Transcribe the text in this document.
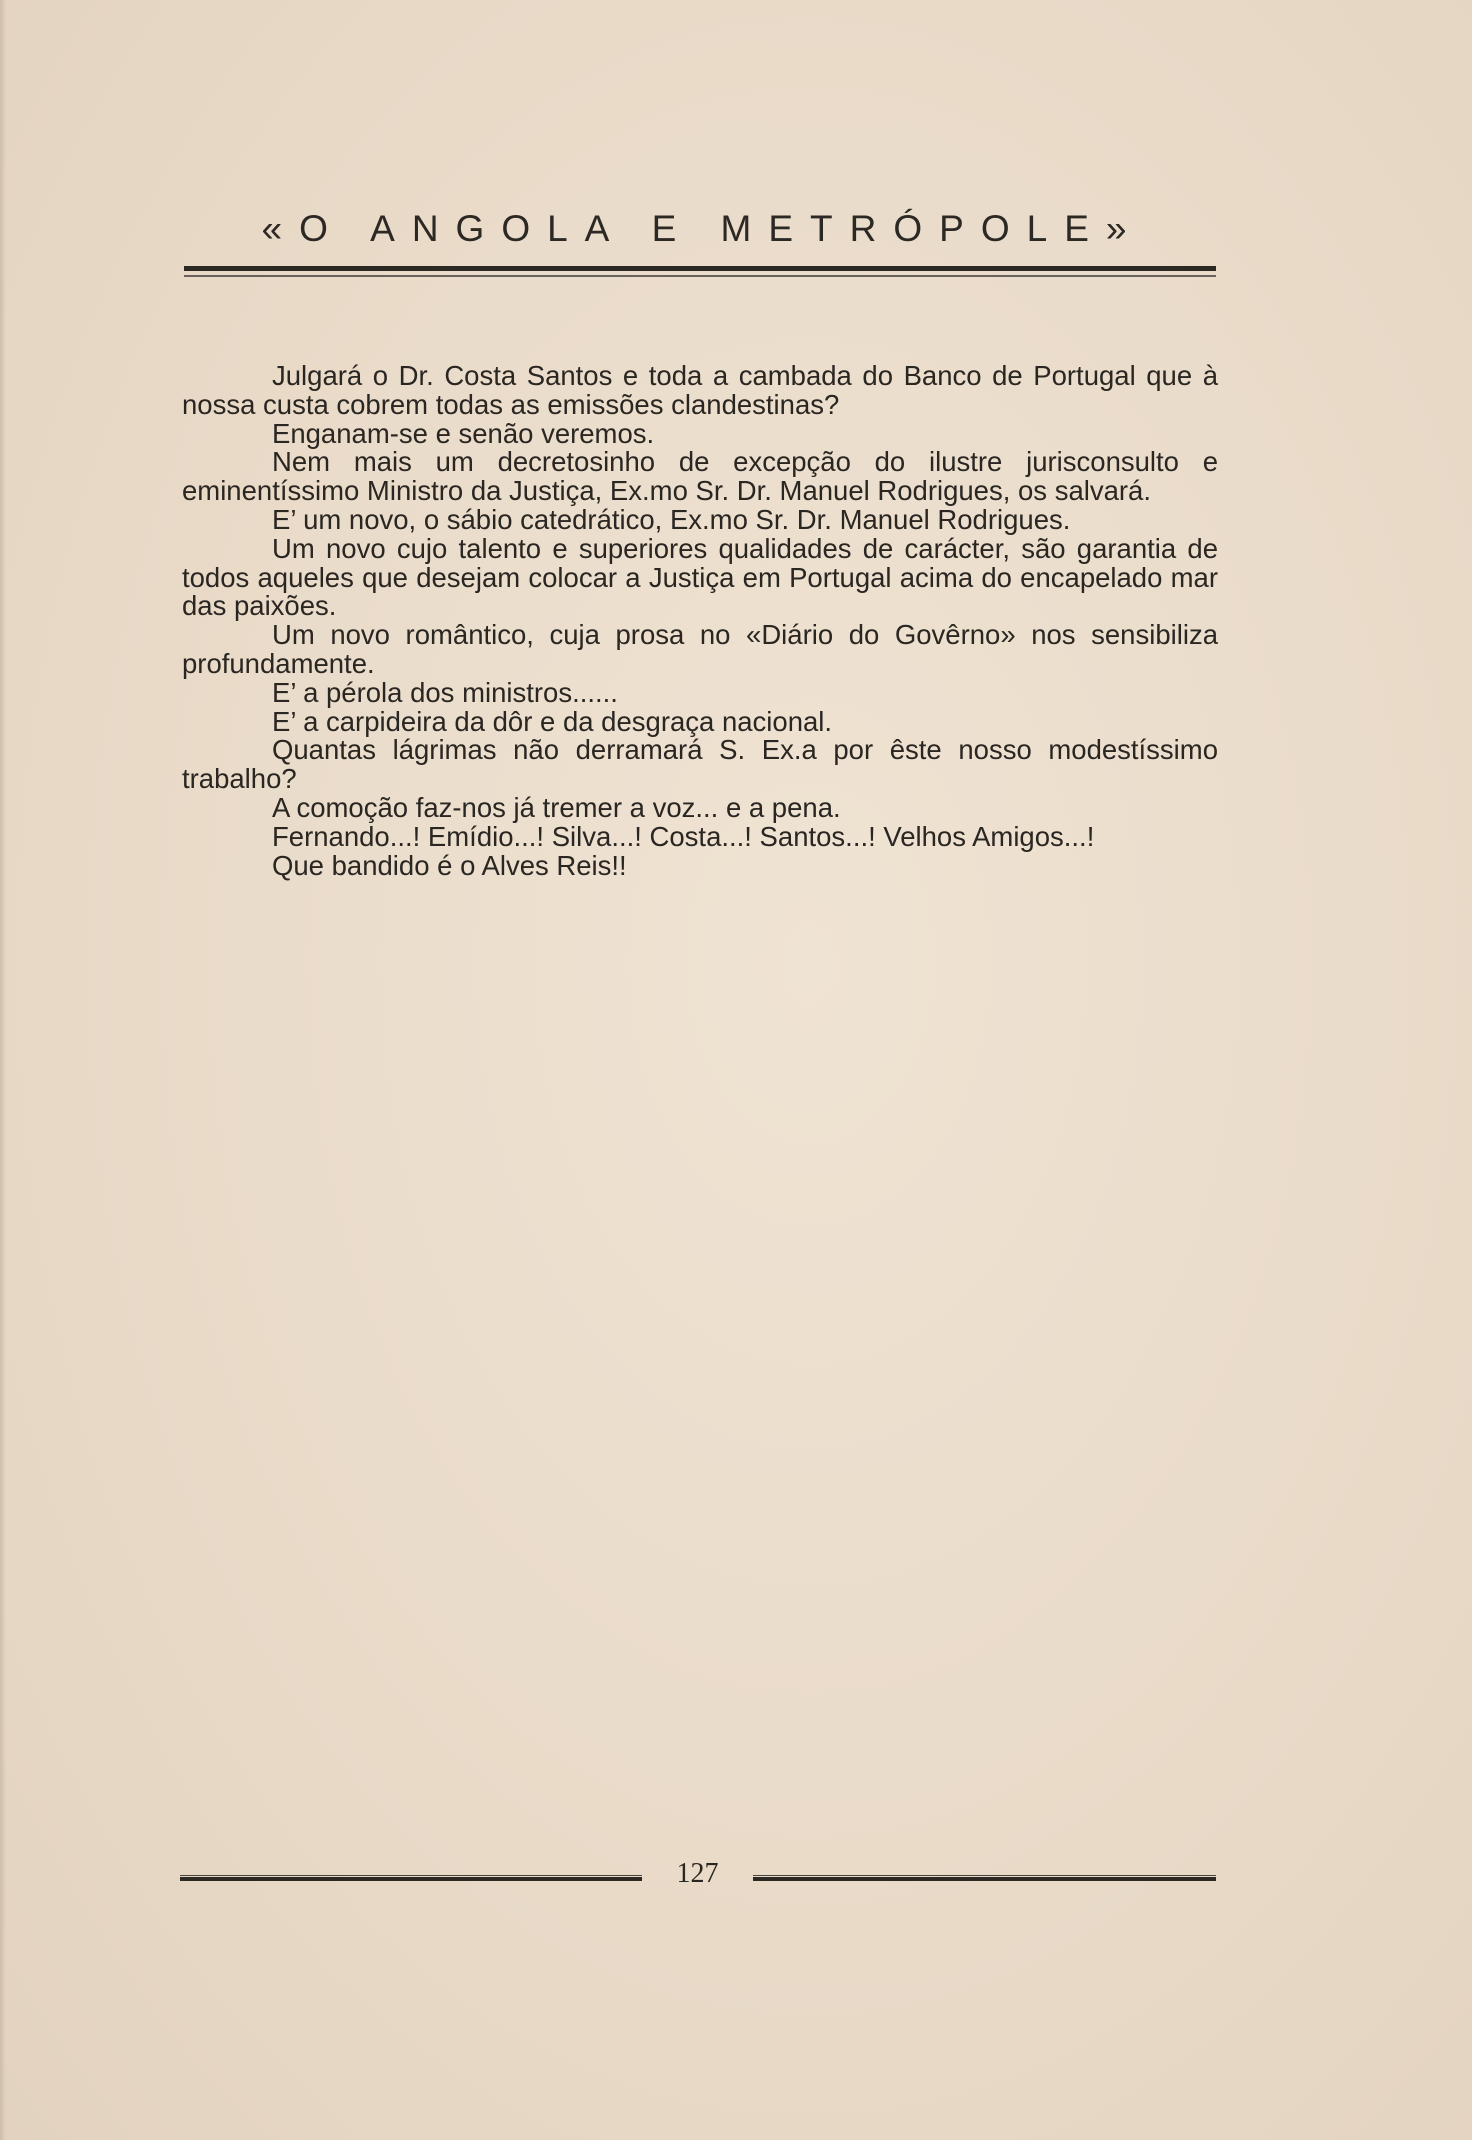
«O ANGOLA E METRÓPOLE»

Julgará o Dr. Costa Santos e toda a cambada do Banco de Portugal que à nossa custa cobrem todas as emissões clandestinas?

Enganam-se e senão veremos.

Nem mais um decretosinho de excepção do ilustre jurisconsulto e eminentíssimo Ministro da Justiça, Ex.mo Sr. Dr. Manuel Rodrigues, os salvará.

E’ um novo, o sábio catedrático, Ex.mo Sr. Dr. Manuel Rodrigues.

Um novo cujo talento e superiores qualidades de carácter, são garantia de todos aqueles que desejam colocar a Justiça em Portugal acima do encapelado mar das paixões.

Um novo romântico, cuja prosa no «Diário do Govêrno» nos sensibiliza profundamente.

E’ a pérola dos ministros......

E’ a carpideira da dôr e da desgraça nacional.

Quantas lágrimas não derramará S. Ex.a por êste nosso modestíssimo trabalho?

A comoção faz-nos já tremer a voz... e a pena.

Fernando...! Emídio...! Silva...! Costa...! Santos...! Velhos Amigos...!

Que bandido é o Alves Reis!!

127
